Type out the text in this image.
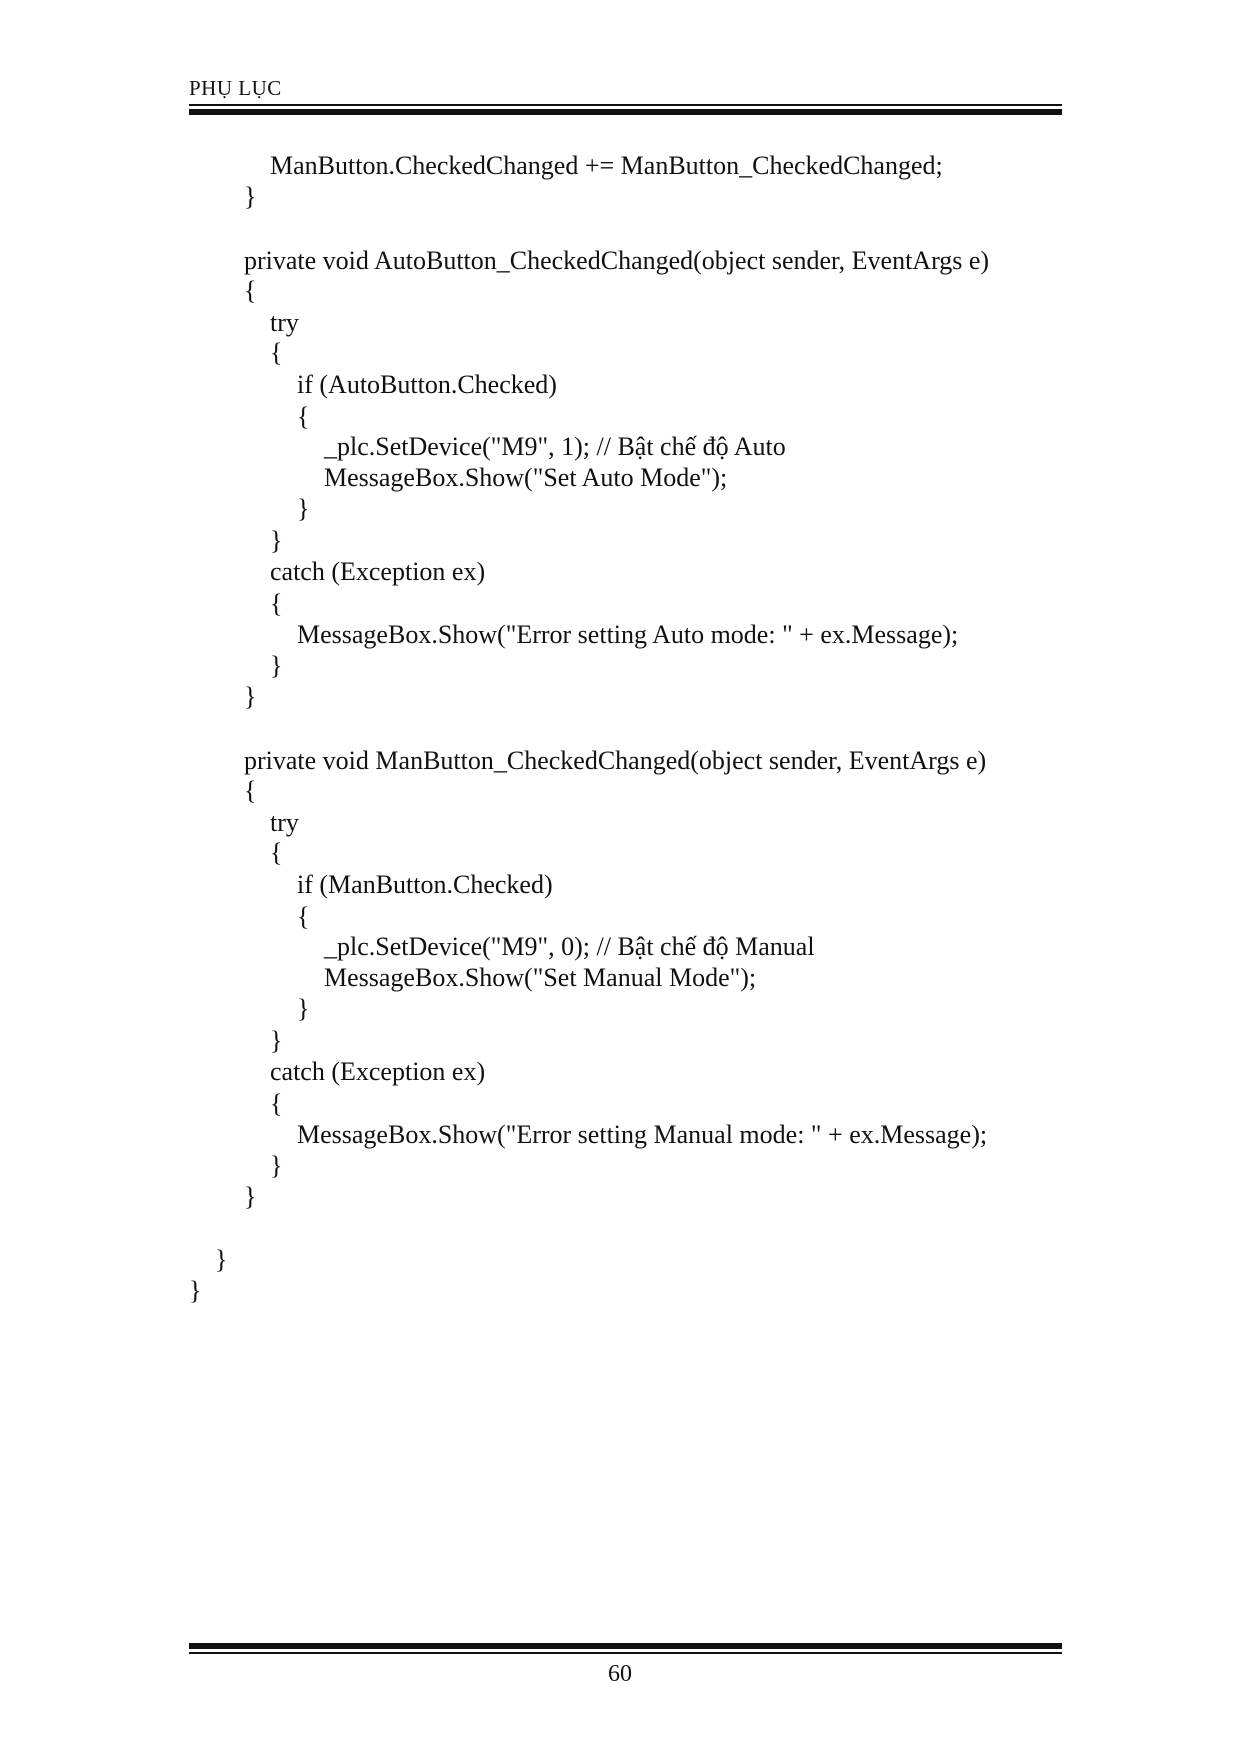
PHỤ LỤC
ManButton.CheckedChanged += ManButton_CheckedChanged;
}
private void AutoButton_CheckedChanged(object sender, EventArgs e)
{
try
{
if (AutoButton.Checked)
{
_plc.SetDevice("M9", 1); // Bật chế độ Auto
MessageBox.Show("Set Auto Mode");
}
}
catch (Exception ex)
{
MessageBox.Show("Error setting Auto mode: " + ex.Message);
}
}
private void ManButton_CheckedChanged(object sender, EventArgs e)
{
try
{
if (ManButton.Checked)
{
_plc.SetDevice("M9", 0); // Bật chế độ Manual
MessageBox.Show("Set Manual Mode");
}
}
catch (Exception ex)
{
MessageBox.Show("Error setting Manual mode: " + ex.Message);
}
}
}
}
60
